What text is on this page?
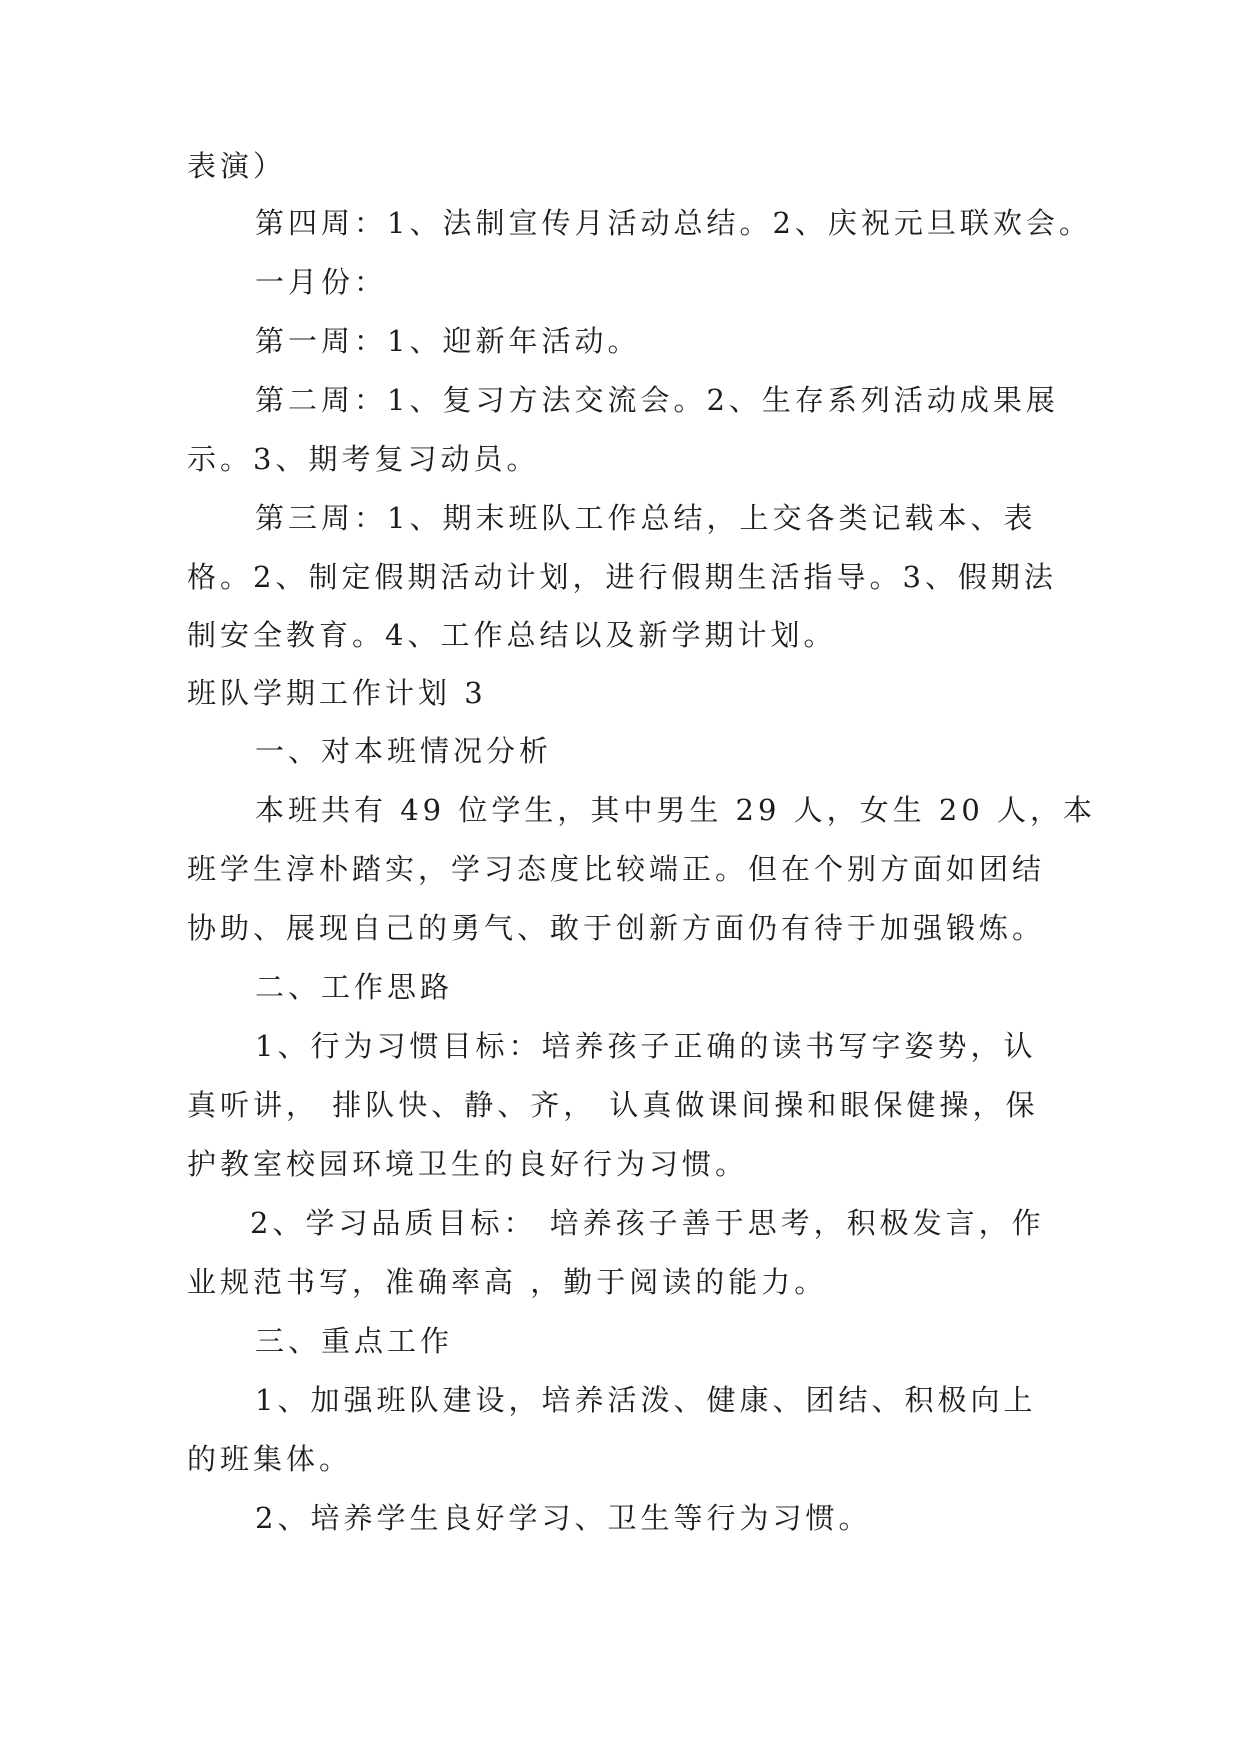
表演）
第四周：1、法制宣传月活动总结。2、庆祝元旦联欢会。
一月份：
第一周：1、迎新年活动。
第二周：1、复习方法交流会。2、生存系列活动成果展
示。3、期考复习动员。
第三周：1、期末班队工作总结，上交各类记载本、表
格。2、制定假期活动计划，进行假期生活指导。3、假期法
制安全教育。4、工作总结以及新学期计划。
班队学期工作计划 3
一、对本班情况分析
本班共有 49 位学生，其中男生 29 人，女生 20 人，本
班学生淳朴踏实，学习态度比较端正。但在个别方面如团结
协助、展现自己的勇气、敢于创新方面仍有待于加强锻炼。
二、工作思路
1、行为习惯目标：培养孩子正确的读书写字姿势，认
真听讲， 排队快、静、齐， 认真做课间操和眼保健操，保
护教室校园环境卫生的良好行为习惯。
2、学习品质目标： 培养孩子善于思考，积极发言，作
业规范书写，准确率高 ，勤于阅读的能力。
三、重点工作
1、加强班队建设，培养活泼、健康、团结、积极向上
的班集体。
2、培养学生良好学习、卫生等行为习惯。
